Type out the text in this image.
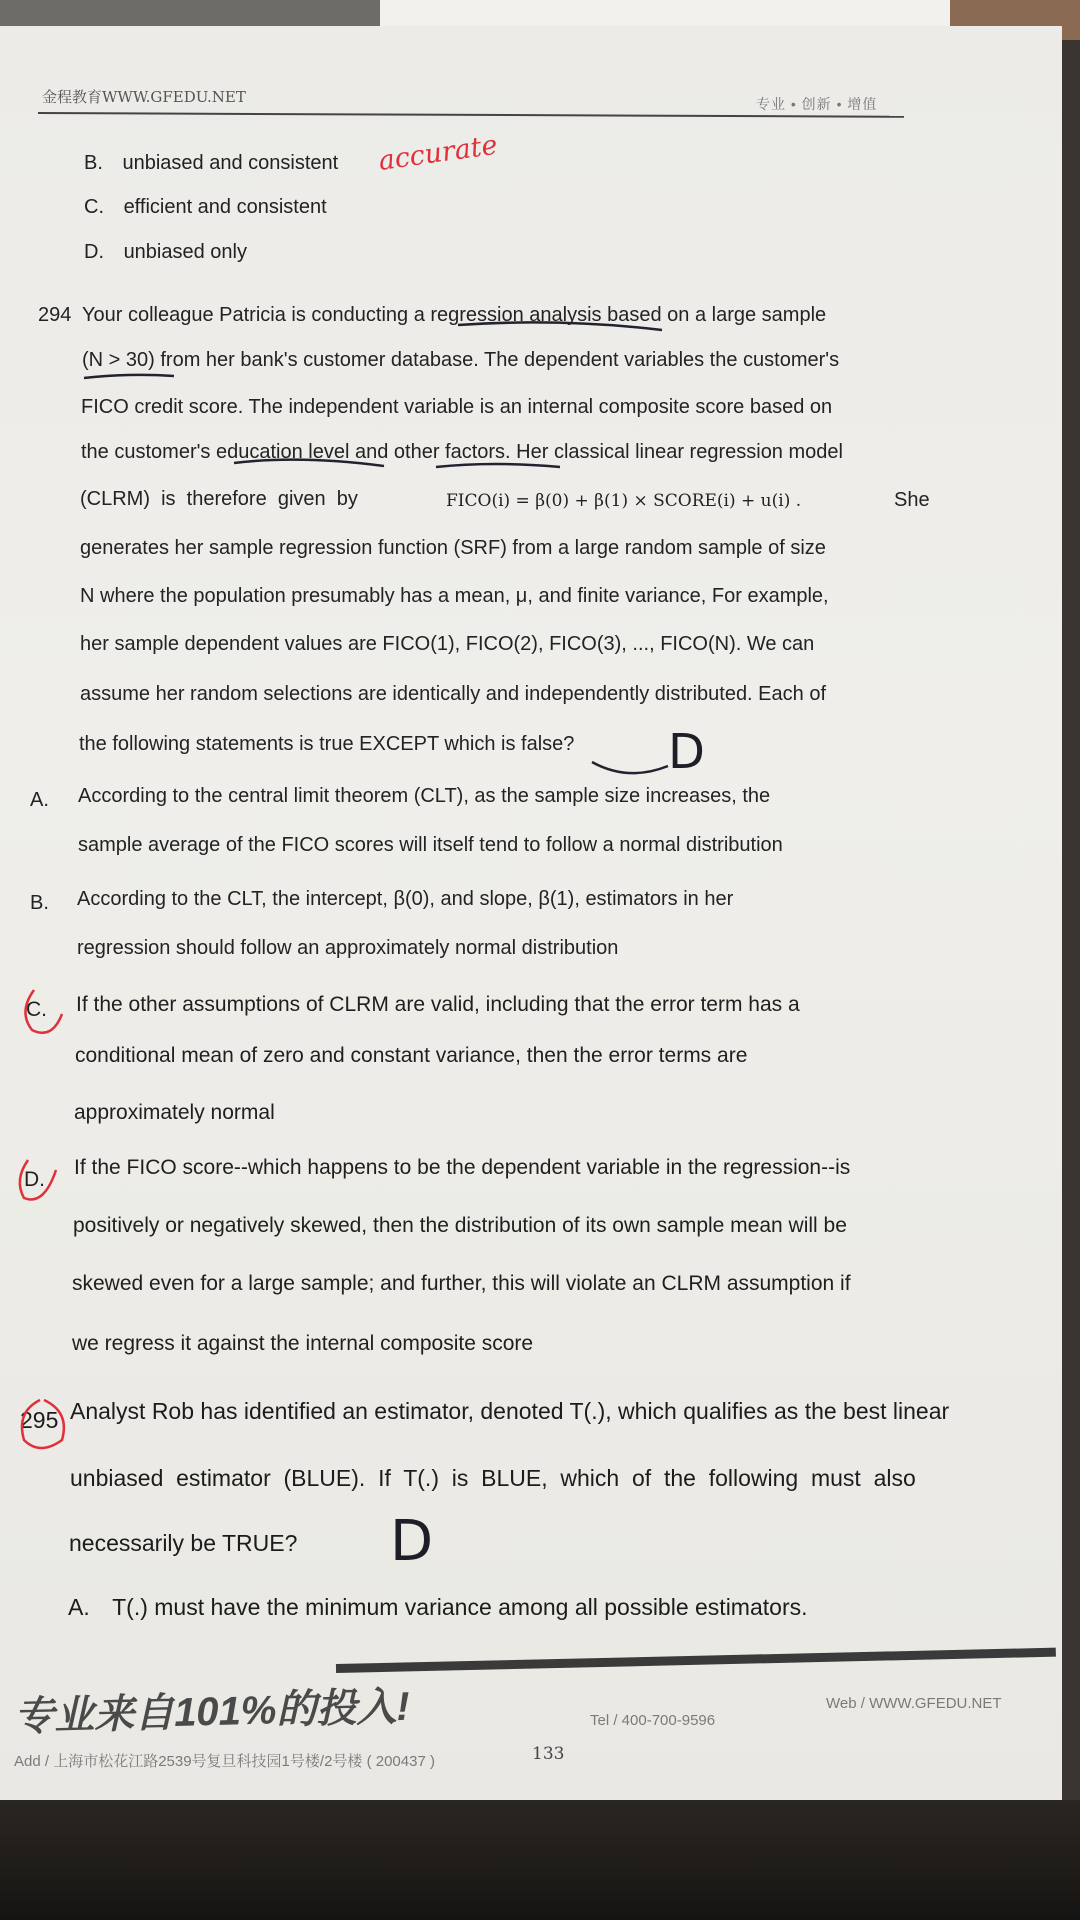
金程教育WWW.GFEDU.NET	专业 • 创新 • 增值
B. unbiased and consistent
C. efficient and consistent
D. unbiased only
294 Your colleague Patricia is conducting a regression analysis based on a large sample
(N > 30) from her bank's customer database. The dependent variables the customer's
FICO credit score. The independent variable is an internal composite score based on
the customer's education level and other factors. Her classical linear regression model
(CLRM)  is  therefore  given  by	FICO(i) = β(0) + β(1) × SCORE(i) + u(i) .	She
generates her sample regression function (SRF) from a large random sample of size
N where the population presumably has a mean, μ, and finite variance, For example,
her sample dependent values are FICO(1), FICO(2), FICO(3), ..., FICO(N). We can
assume her random selections are identically and independently distributed. Each of
the following statements is true EXCEPT which is false?
A. According to the central limit theorem (CLT), as the sample size increases, the
sample average of the FICO scores will itself tend to follow a normal distribution
B. According to the CLT, the intercept, β(0), and slope, β(1), estimators in her
regression should follow an approximately normal distribution
C. If the other assumptions of CLRM are valid, including that the error term has a
conditional mean of zero and constant variance, then the error terms are
approximately normal
D.
If the FICO score--which happens to be the dependent variable in the regression--is
positively or negatively skewed, then the distribution of its own sample mean will be
skewed even for a large sample; and further, this will violate an CLRM assumption if
we regress it against the internal composite score
295 Analyst Rob has identified an estimator, denoted T(.), which qualifies as the best linear
unbiased  estimator  (BLUE).  If  T(.)  is  BLUE,  which  of  the  following  must  also
necessarily be TRUE?
A. T(.) must have the minimum variance among all possible estimators.
专业来自101%的投入!
Add / 上海市松花江路2539号复旦科技园1号楼/2号楼 ( 200437 )
Tel / 400-700-9596
Web / WWW.GFEDU.NET
133
accurate
D
D
